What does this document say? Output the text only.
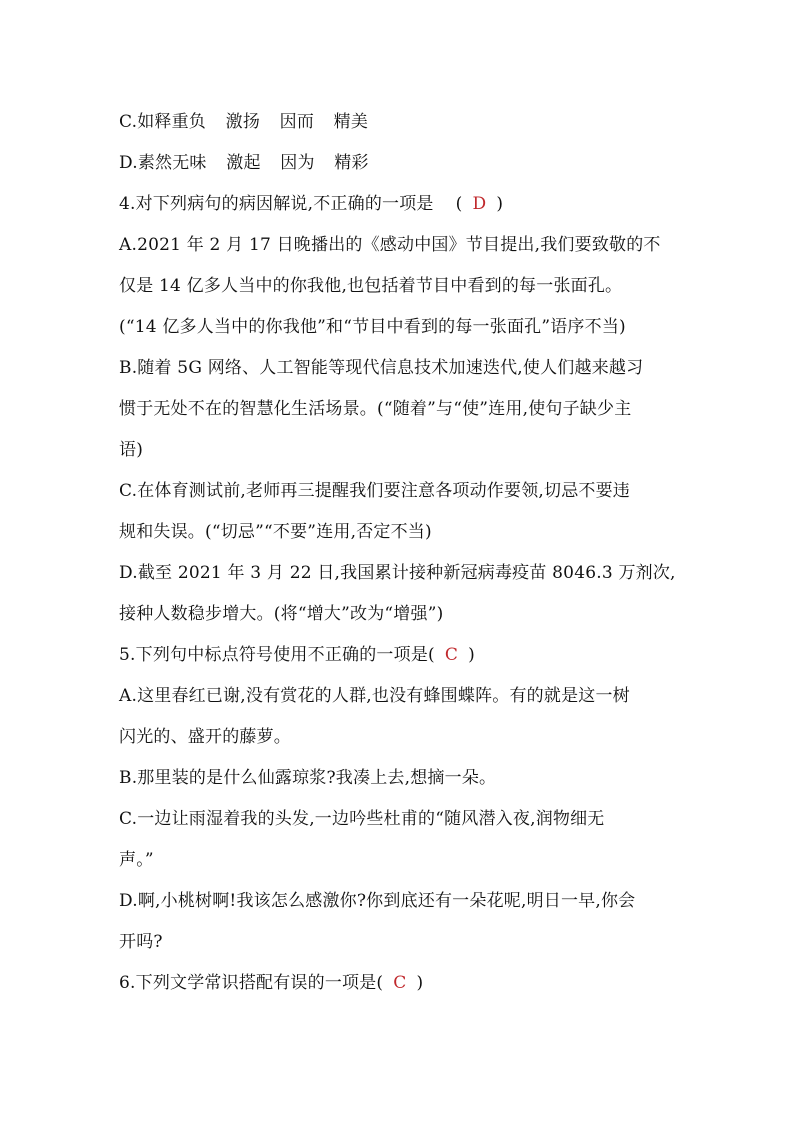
C.如释重负 激扬 因而 精美
D.素然无味 激起 因为 精彩
4.对下列病句的病因解说,不正确的一项是 ( D )
A.2021 年 2 月 17 日晚播出的《感动中国》节目提出,我们要致敬的不
仅是 14 亿多人当中的你我他,也包括着节目中看到的每一张面孔。
(“14 亿多人当中的你我他”和“节目中看到的每一张面孔”语序不当)
B.随着 5G 网络、人工智能等现代信息技术加速迭代,使人们越来越习
惯于无处不在的智慧化生活场景。(“随着”与“使”连用,使句子缺少主
语)
C.在体育测试前,老师再三提醒我们要注意各项动作要领,切忌不要违
规和失误。(“切忌”“不要”连用,否定不当)
D.截至 2021 年 3 月 22 日,我国累计接种新冠病毒疫苗 8046.3 万剂次,
接种人数稳步增大。(将“增大”改为“增强”)
5.下列句中标点符号使用不正确的一项是( C )
A.这里春红已谢,没有赏花的人群,也没有蜂围蝶阵。有的就是这一树
闪光的、盛开的藤萝。
B.那里装的是什么仙露琼浆?我凑上去,想摘一朵。
C.一边让雨湿着我的头发,一边吟些杜甫的“随风潜入夜,润物细无
声。”
D.啊,小桃树啊!我该怎么感激你?你到底还有一朵花呢,明日一早,你会
开吗?
6.下列文学常识搭配有误的一项是( C )
